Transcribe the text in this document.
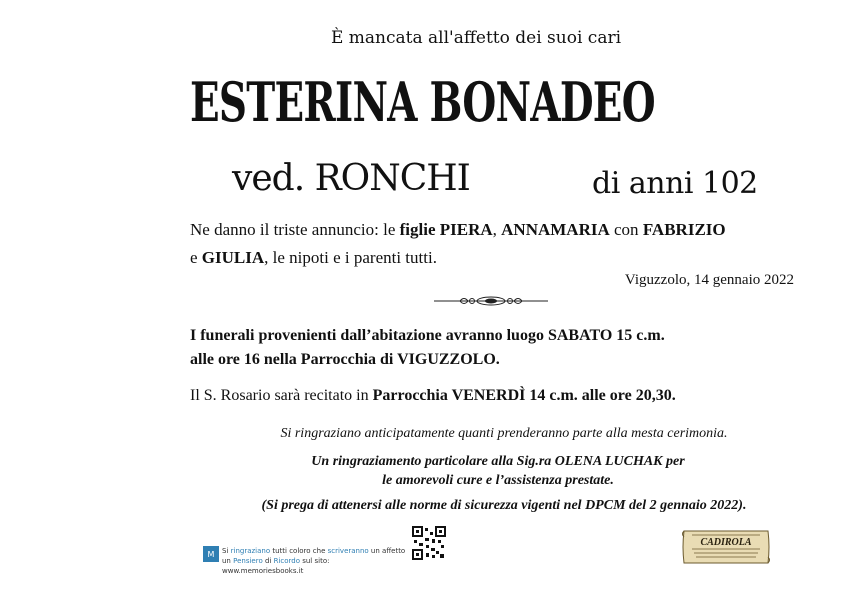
È mancata all'affetto dei suoi cari
ESTERINA BONADEO
ved. RONCHI	di anni 102
Ne danno il triste annuncio: le figlie PIERA, ANNAMARIA con FABRIZIO
e GIULIA, le nipoti e i parenti tutti.
Viguzzolo, 14 gennaio 2022
I funerali provenienti dall’abitazione avranno luogo SABATO 15 c.m.
alle ore 16 nella Parrocchia di VIGUZZOLO.
Il S. Rosario sarà recitato in Parrocchia VENERDÌ 14 c.m. alle ore 20,30.
Si ringraziano anticipatamente quanti prenderanno parte alla mesta cerimonia.
Un ringraziamento particolare alla Sig.ra OLENA LUCHAK per
le amorevoli cure e l’assistenza prestate.
(Si prega di attenersi alle norme di sicurezza vigenti nel DPCM del 2 gennaio 2022).
M	Si ringraziano tutti coloro che scriveranno un affetto
un Pensiero di Ricordo sul sito: www.memoriesbooks.it
CADIROLA
